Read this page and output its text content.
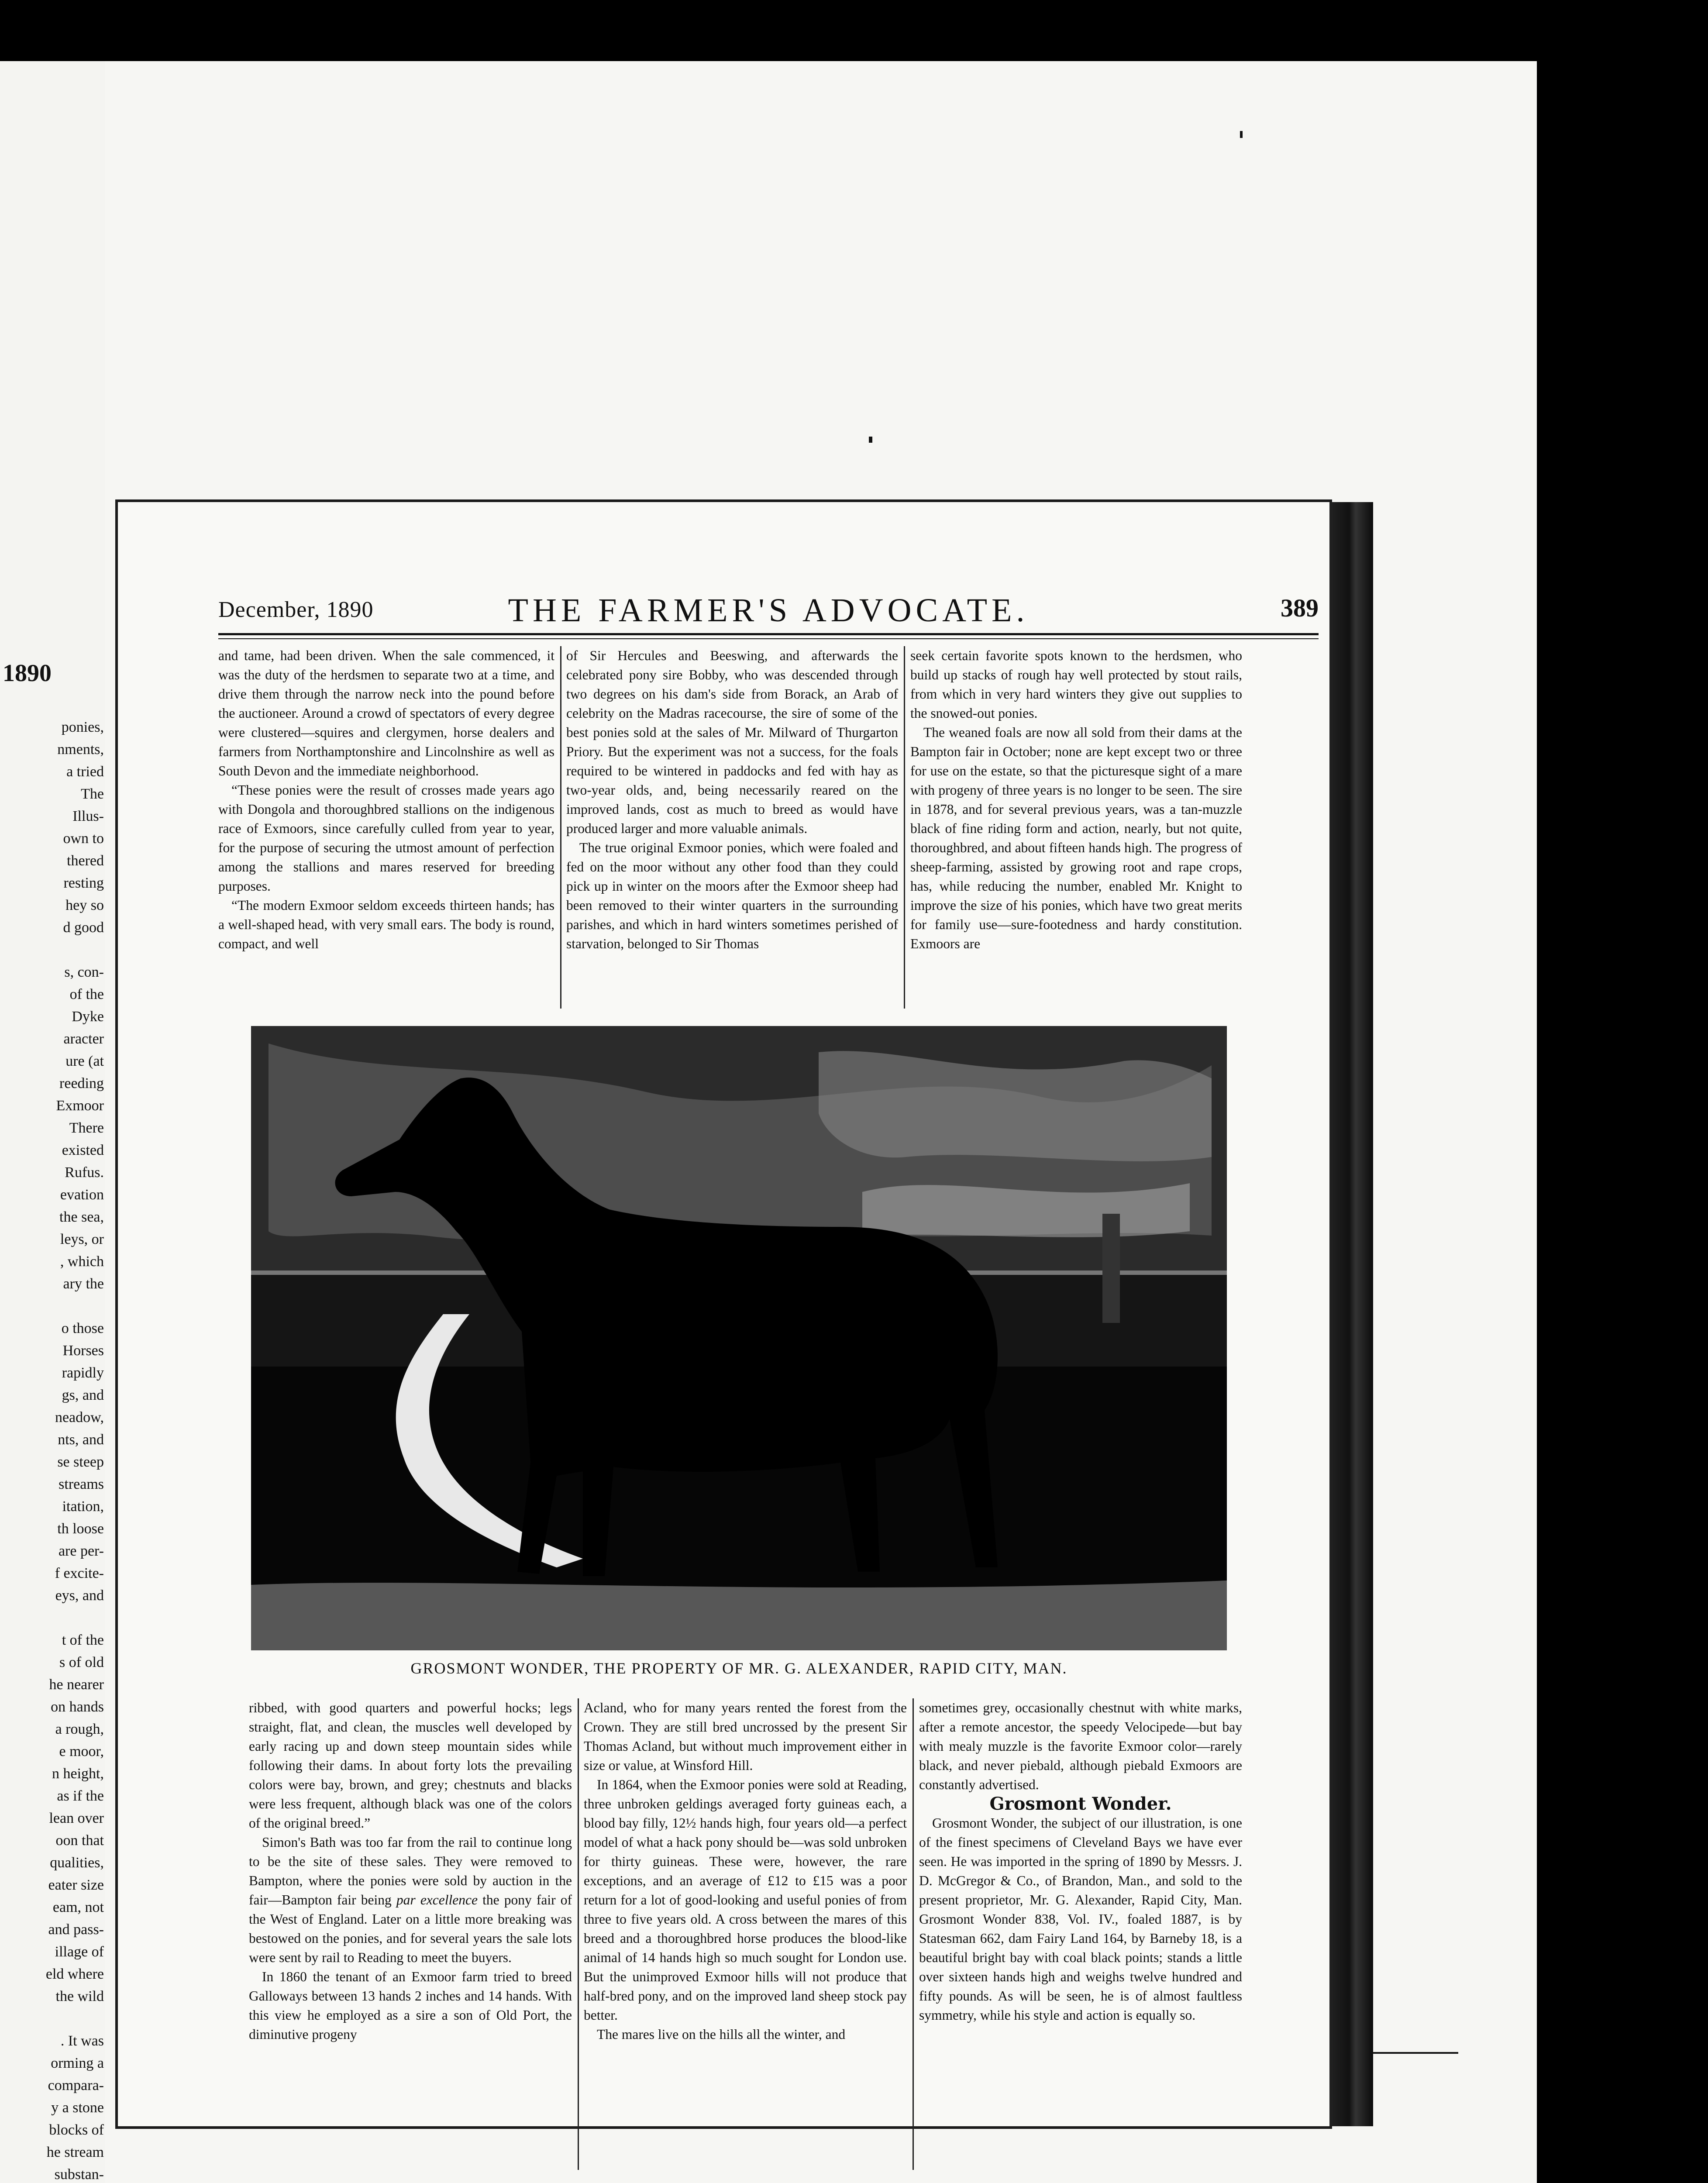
1890
ponies,
nments,
a tried
The
Illus-
own to
thered
resting
hey so
d good

s, con-
of the
Dyke
aracter
ure (at
reeding
Exmoor
There
existed
Rufus.
evation
the sea,
leys, or
, which
ary the

o those
Horses
rapidly
gs, and
neadow,
nts, and
se steep
streams
itation,
th loose
are per-
f excite-
eys, and

t of the
s of old
he nearer
on hands
a rough,
e moor,
n height,
as if the
lean over
oon that
qualities,
eater size
eam, not
and pass-
illage of
eld where
the wild

. It was
orming a
compara-
y a stone
blocks of
he stream
substan-
December, 1890	THE FARMER'S ADVOCATE.	389

and tame, had been driven. When the sale commenced, it was the duty of the herdsmen to separate two at a time, and drive them through the narrow neck into the pound before the auctioneer. Around a crowd of spectators of every degree were clustered—squires and clergymen, horse dealers and farmers from Northamptonshire and Lincolnshire as well as South Devon and the immediate neighborhood.

“These ponies were the result of crosses made years ago with Dongola and thoroughbred stallions on the indigenous race of Exmoors, since carefully culled from year to year, for the purpose of securing the utmost amount of perfection among the stallions and mares reserved for breeding purposes.

“The modern Exmoor seldom exceeds thirteen hands; has a well-shaped head, with very small ears. The body is round, compact, and well

of Sir Hercules and Beeswing, and afterwards the celebrated pony sire Bobby, who was descended through two degrees on his dam's side from Borack, an Arab of celebrity on the Madras racecourse, the sire of some of the best ponies sold at the sales of Mr. Milward of Thurgarton Priory. But the experiment was not a success, for the foals required to be wintered in paddocks and fed with hay as two-year olds, and, being necessarily reared on the improved lands, cost as much to breed as would have produced larger and more valuable animals.

The true original Exmoor ponies, which were foaled and fed on the moor without any other food than they could pick up in winter on the moors after the Exmoor sheep had been removed to their winter quarters in the surrounding parishes, and which in hard winters sometimes perished of starvation, belonged to Sir Thomas

seek certain favorite spots known to the herdsmen, who build up stacks of rough hay well protected by stout rails, from which in very hard winters they give out supplies to the snowed-out ponies.

The weaned foals are now all sold from their dams at the Bampton fair in October; none are kept except two or three for use on the estate, so that the picturesque sight of a mare with progeny of three years is no longer to be seen. The sire in 1878, and for several previous years, was a tan-muzzle black of fine riding form and action, nearly, but not quite, thoroughbred, and about fifteen hands high. The progress of sheep-farming, assisted by growing root and rape crops, has, while reducing the number, enabled Mr. Knight to improve the size of his ponies, which have two great merits for family use—sure-footedness and hardy constitution. Exmoors are

GROSMONT WONDER, THE PROPERTY OF MR. G. ALEXANDER, RAPID CITY, MAN.

ribbed, with good quarters and powerful hocks; legs straight, flat, and clean, the muscles well developed by early racing up and down steep mountain sides while following their dams. In about forty lots the prevailing colors were bay, brown, and grey; chestnuts and blacks were less frequent, although black was one of the colors of the original breed.”

Simon's Bath was too far from the rail to continue long to be the site of these sales. They were removed to Bampton, where the ponies were sold by auction in the fair—Bampton fair being par excellence the pony fair of the West of England. Later on a little more breaking was bestowed on the ponies, and for several years the sale lots were sent by rail to Reading to meet the buyers.

In 1860 the tenant of an Exmoor farm tried to breed Galloways between 13 hands 2 inches and 14 hands. With this view he employed as a sire a son of Old Port, the diminutive progeny

Acland, who for many years rented the forest from the Crown. They are still bred uncrossed by the present Sir Thomas Acland, but without much improvement either in size or value, at Winsford Hill.

In 1864, when the Exmoor ponies were sold at Reading, three unbroken geldings averaged forty guineas each, a blood bay filly, 12½ hands high, four years old—a perfect model of what a hack pony should be—was sold unbroken for thirty guineas. These were, however, the rare exceptions, and an average of £12 to £15 was a poor return for a lot of good-looking and useful ponies of from three to five years old. A cross between the mares of this breed and a thoroughbred horse produces the blood-like animal of 14 hands high so much sought for London use. But the unimproved Exmoor hills will not produce that half-bred pony, and on the improved land sheep stock pay better.

The mares live on the hills all the winter, and

sometimes grey, occasionally chestnut with white marks, after a remote ancestor, the speedy Velocipede—but bay with mealy muzzle is the favorite Exmoor color—rarely black, and never piebald, although piebald Exmoors are constantly advertised.

Grosmont Wonder.

Grosmont Wonder, the subject of our illustration, is one of the finest specimens of Cleveland Bays we have ever seen. He was imported in the spring of 1890 by Messrs. J. D. McGregor & Co., of Brandon, Man., and sold to the present proprietor, Mr. G. Alexander, Rapid City, Man. Grosmont Wonder 838, Vol. IV., foaled 1887, is by Statesman 662, dam Fairy Land 164, by Barneby 18, is a beautiful bright bay with coal black points; stands a little over sixteen hands high and weighs twelve hundred and fifty pounds. As will be seen, he is of almost faultless symmetry, while his style and action is equally so.
